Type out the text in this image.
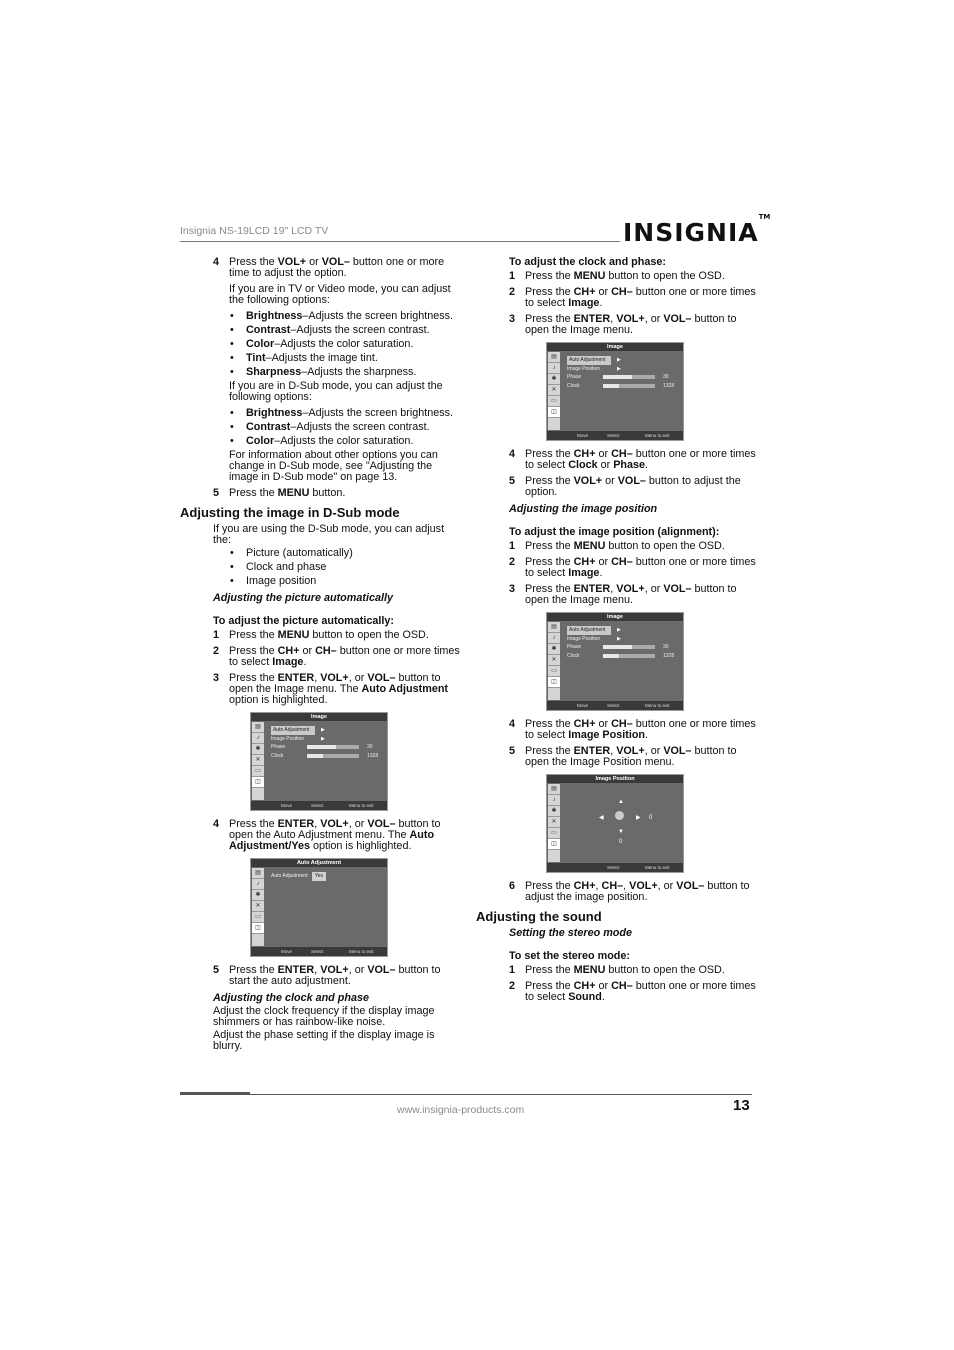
Insignia NS-19LCD 19" LCD TV	INSIGNIA™
4 Press the VOL+ or VOL– button one or more time to adjust the option.
If you are in TV or Video mode, you can adjust the following options:
• Brightness–Adjusts the screen brightness.
• Contrast–Adjusts the screen contrast.
• Color–Adjusts the color saturation.
• Tint–Adjusts the image tint.
• Sharpness–Adjusts the sharpness.
If you are in D-Sub mode, you can adjust the following options:
• Brightness–Adjusts the screen brightness.
• Contrast–Adjusts the screen contrast.
• Color–Adjusts the color saturation.
For information about other options you can change in D-Sub mode, see "Adjusting the image in D-Sub mode" on page 13.
5 Press the MENU button.
Adjusting the image in D-Sub mode
If you are using the D-Sub mode, you can adjust the:
• Picture (automatically)
• Clock and phase
• Image position
Adjusting the picture automatically
To adjust the picture automatically:
1 Press the MENU button to open the OSD.
2 Press the CH+ or CH– button one or more times to select Image.
3 Press the ENTER, VOL+, or VOL– button to open the Image menu. The Auto Adjustment option is highlighted.
Image
▤
♪
✱
✕
▭
◫
Auto Adjustment ▶
Image Position	▶
Phase	30
Clock	1328
Move	Select	Menu to exit
4 Press the ENTER, VOL+, or VOL– button to open the Auto Adjustment menu. The Auto Adjustment/Yes option is highlighted.
Auto Adjustment
▤
♪
✱
✕
▭
◫
Auto Adjustment: Yes
Move	Select	Menu to exit
5 Press the ENTER, VOL+, or VOL– button to start the auto adjustment.
Adjusting the clock and phase
Adjust the clock frequency if the display image shimmers or has rainbow-like noise.
Adjust the phase setting if the display image is blurry.
To adjust the clock and phase:
1 Press the MENU button to open the OSD.
2 Press the CH+ or CH– button one or more times to select Image.
3 Press the ENTER, VOL+, or VOL– button to open the Image menu.
Image
▤
♪
✱
✕
▭
◫
Auto Adjustment ▶
Image Position	▶
Phase	30
Clock	1328
Move	Select	Menu to exit
4 Press the CH+ or CH– button one or more times to select Clock or Phase.
5 Press the VOL+ or VOL– button to adjust the option.
Adjusting the image position
To adjust the image position (alignment):
1 Press the MENU button to open the OSD.
2 Press the CH+ or CH– button one or more times to select Image.
3 Press the ENTER, VOL+, or VOL– button to open the Image menu.
Image
▤
♪
✱
✕
▭
◫
Auto Adjustment ▶
Image Position	▶
Phase	30
Clock	1328
Move	Select	Menu to exit
4 Press the CH+ or CH– button one or more times to select Image Position.
5 Press the ENTER, VOL+, or VOL– button to open the Image Position menu.
Image Position
▤
♪
✱
✕
▭
◫
▲
◀	▶ 0
▼
0
Select	Menu to exit
6 Press the CH+, CH–, VOL+, or VOL– button to adjust the image position.
Adjusting the sound
Setting the stereo mode
To set the stereo mode:
1 Press the MENU button to open the OSD.
2 Press the CH+ or CH– button one or more times to select Sound.
www.insignia-products.com	13
